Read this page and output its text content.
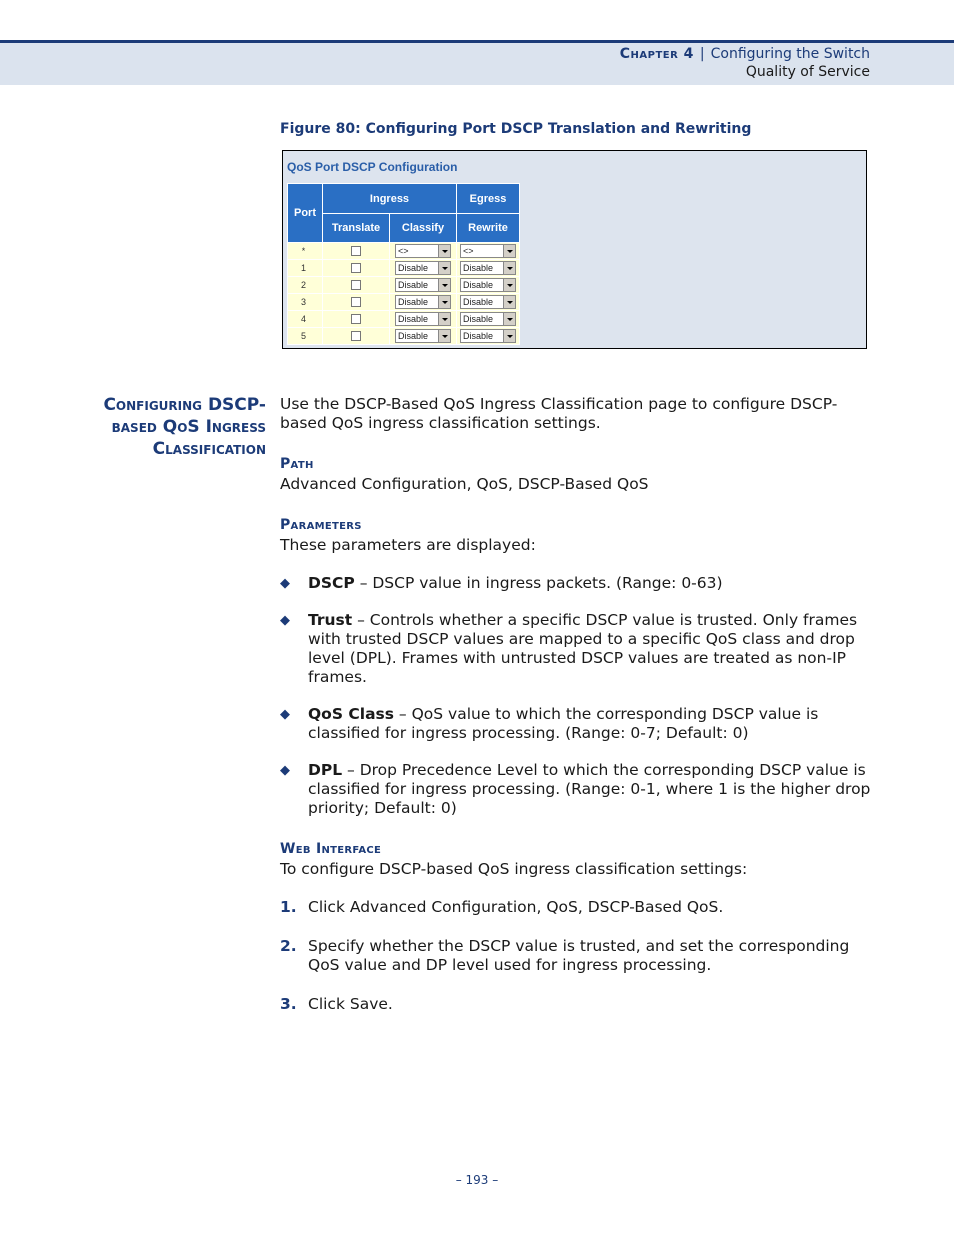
Chapter 4 | Configuring the Switch
Quality of Service
Figure 80: Configuring Port DSCP Translation and Rewriting
QoS Port DSCP Configuration
Port	Ingress		Egress
	Translate	Classify	Rewrite
*		<>	<>

1		Disable	Disable

2		Disable	Disable

3		Disable	Disable

4		Disable	Disable

5		Disable	Disable
Configuring DSCP-
based QoS Ingress
Classification
Use the DSCP-Based QoS Ingress Classification page to configure DSCP-
based QoS ingress classification settings.
Path
Advanced Configuration, QoS, DSCP-Based QoS
Parameters
These parameters are displayed:
◆ DSCP – DSCP value in ingress packets. (Range: 0-63)
◆ Trust – Controls whether a specific DSCP value is trusted. Only frames with trusted DSCP values are mapped to a specific QoS class and drop level (DPL). Frames with untrusted DSCP values are treated as non-IP frames.
◆ QoS Class – QoS value to which the corresponding DSCP value is classified for ingress processing. (Range: 0-7; Default: 0)
◆ DPL – Drop Precedence Level to which the corresponding DSCP value is classified for ingress processing. (Range: 0-1, where 1 is the higher drop priority; Default: 0)
Web Interface
To configure DSCP-based QoS ingress classification settings:
1. Click Advanced Configuration, QoS, DSCP-Based QoS.
2. Specify whether the DSCP value is trusted, and set the corresponding QoS value and DP level used for ingress processing.
3. Click Save.
– 193 –
